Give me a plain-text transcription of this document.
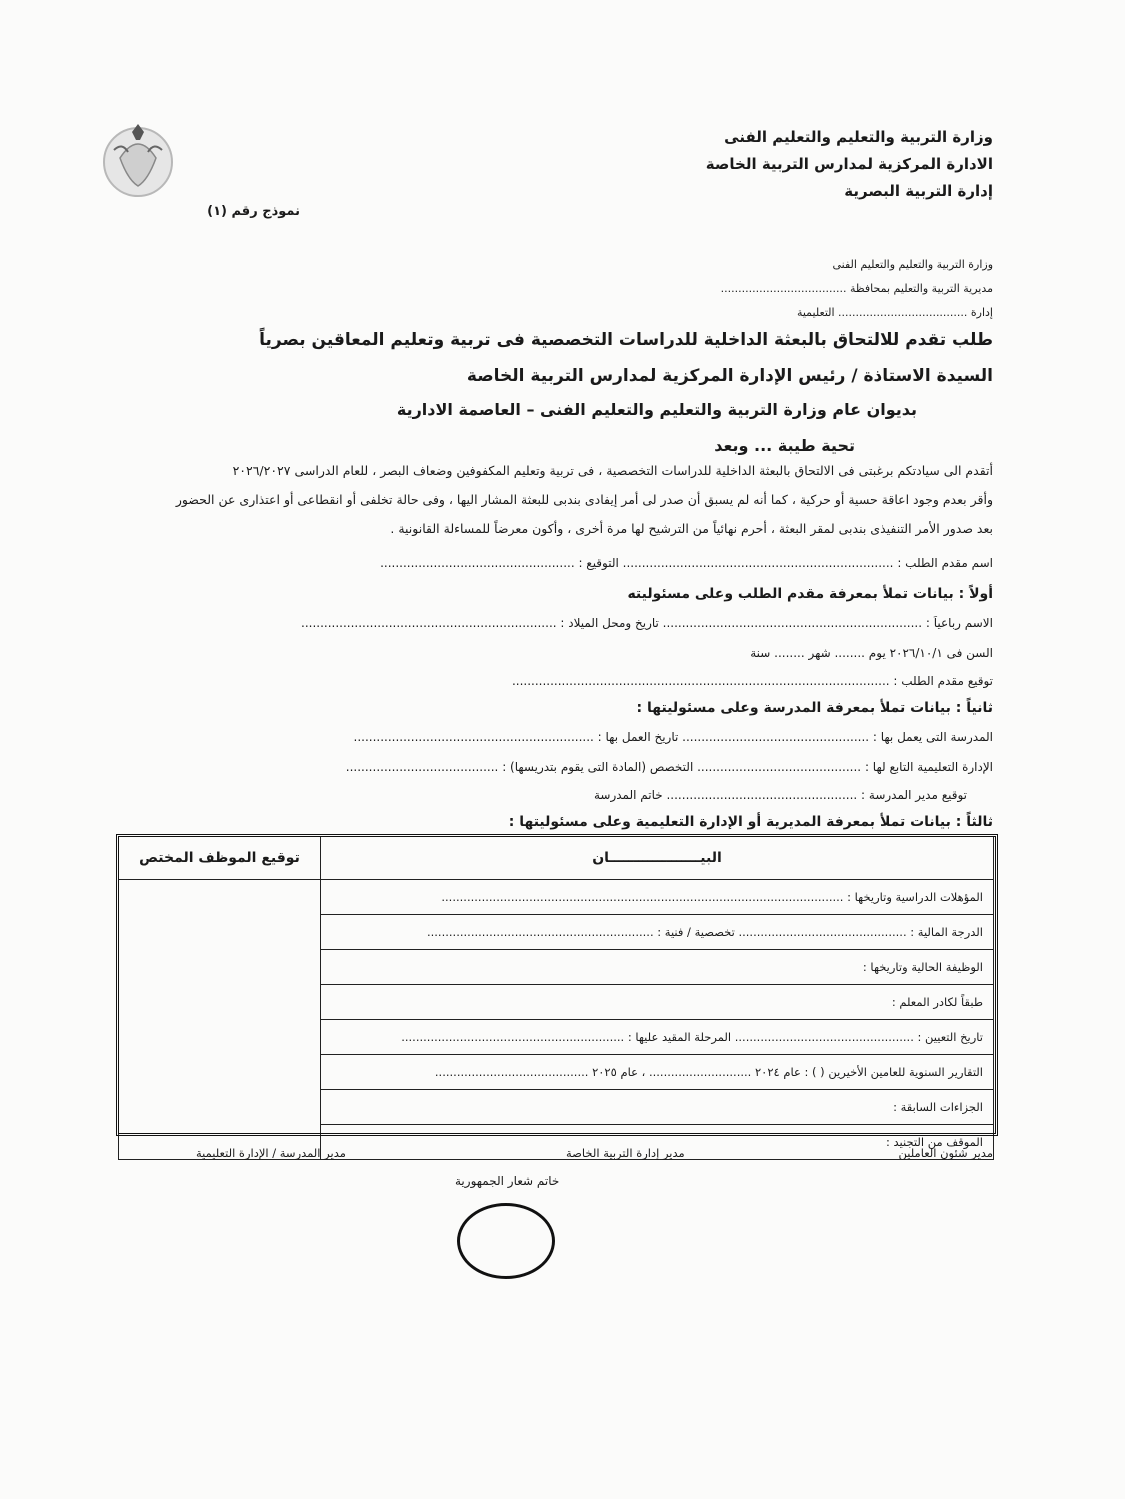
وزارة التربية والتعليم والتعليم الفنى
الادارة المركزية لمدارس التربية الخاصة
إدارة التربية البصرية
نموذج رقم (١)
وزارة التربية والتعليم والتعليم الفنى
مديرية التربية والتعليم بمحافظة ....................................
إدارة ..................................... التعليمية
طلب تقدم للالتحاق بالبعثة الداخلية للدراسات التخصصية فى تربية وتعليم المعاقين بصرياً
السيدة الاستاذة / رئيس الإدارة المركزية لمدارس التربية الخاصة
بديوان عام وزارة التربية والتعليم والتعليم الفنى – العاصمة الادارية
تحية طيبة ... وبعد
أتقدم الى سيادتكم برغبتى فى الالتحاق بالبعثة الداخلية للدراسات التخصصية ، فى تربية وتعليم المكفوفين وضعاف البصر ، للعام الدراسى ٢٠٢٦/٢٠٢٧
وأقر بعدم وجود اعاقة حسية أو حركية ، كما أنه لم يسبق أن صدر لى أمر إيفادى بندبى للبعثة المشار اليها ، وفى حالة تخلفى أو انقطاعى أو اعتذارى عن الحضور
بعد صدور الأمر التنفيذى بندبى لمقر البعثة ، أحرم نهائياً من الترشيح لها مرة أخرى ، وأكون معرضاً للمساءلة القانونية .
اسم مقدم الطلب : ....................................................................... التوقيع : ...................................................
أولاً : بيانات تملأ بمعرفة مقدم الطلب وعلى مسئوليته
الاسم رباعياً : .................................................................... تاريخ ومحل الميلاد : ...................................................................
السن فى ٢٠٢٦/١٠/١ يوم ........ شهر ........ سنة
توقيع مقدم الطلب : ...................................................................................................
ثانياً : بيانات تملأ بمعرفة المدرسة وعلى مسئوليتها :
المدرسة التى يعمل بها : ................................................. تاريخ العمل بها : ...............................................................
الإدارة التعليمية التابع لها : ........................................... التخصص (المادة التى يقوم بتدريسها) : ........................................
توقيع مدير المدرسة : .................................................. خاتم المدرسة
ثالثاً : بيانات تملأ بمعرفة المديرية أو الإدارة التعليمية وعلى مسئوليتها :
البيـــــــــــــــــــان	توقيع الموظف المختص
المؤهلات الدراسية وتاريخها : ..............................................................................................................	
الدرجة المالية : .............................................. تخصصية / فنية : ..............................................................	
الوظيفة الحالية وتاريخها :	
طبقاً لكادر المعلم :	
تاريخ التعيين : ................................................. المرحلة المقيد عليها : .............................................................	
التقارير السنوية للعامين الأخيرين ( ) : عام ٢٠٢٤ ............................ ، عام ٢٠٢٥ ..........................................	
الجزاءات السابقة :	
الموقف من التجنيد :	
مدير شئون العاملين
مدير إدارة التربية الخاصة
مدير المدرسة / الإدارة التعليمية
خاتم شعار الجمهورية
